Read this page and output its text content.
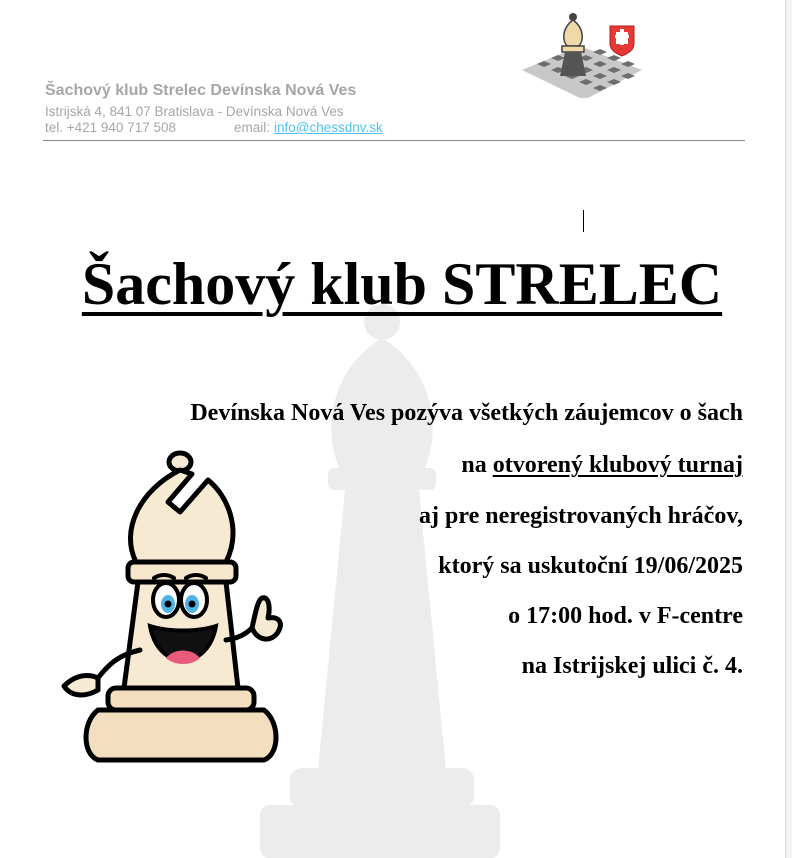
Šachový klub Strelec Devínska Nová Ves
Istrijská 4, 841 07 Bratislava - Devínska Nová Ves
tel. +421 940 717 508	email: info@chessdnv.sk
Šachový klub STRELEC
Devínska Nová Ves pozýva všetkých záujemcov o šach
na otvorený klubový turnaj
aj pre neregistrovaných hráčov,
ktorý sa uskutoční 19/06/2025
o 17:00 hod. v F-centre
na Istrijskej ulici č. 4.
